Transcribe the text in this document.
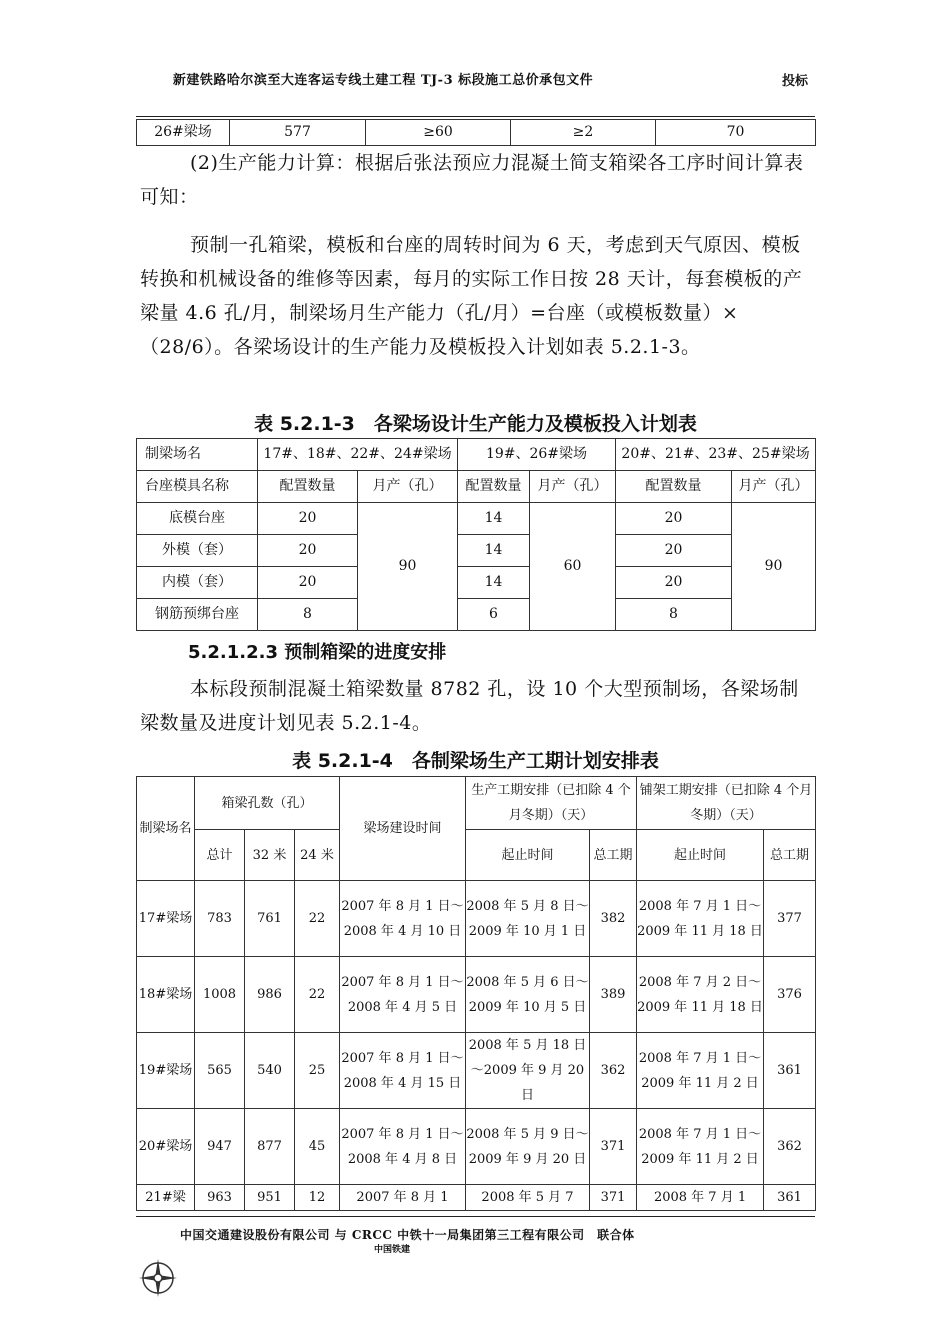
新建铁路哈尔滨至大连客运专线土建工程 TJ-3 标段施工总价承包文件	投标
26#梁场	577	≥60	≥2	70
(2)生产能力计算：根据后张法预应力混凝土简支箱梁各工序时间计算表可知：
预制一孔箱梁，模板和台座的周转时间为 6 天，考虑到天气原因、模板转换和机械设备的维修等因素，每月的实际工作日按 28 天计，每套模板的产梁量 4.6 孔/月，制梁场月生产能力（孔/月）=台座（或模板数量）×（28/6）。各梁场设计的生产能力及模板投入计划如表 5.2.1-3。
表 5.2.1-3　各梁场设计生产能力及模板投入计划表
制梁场名	17#、18#、22#、24#梁场		19#、26#梁场		20#、21#、23#、25#梁场	
台座模具名称	配置数量	月产（孔）	配置数量	月产（孔）	配置数量	月产（孔）
底模台座	20	90	14	60	20	90
外模（套）	20		14		20	
内模（套）	20		14		20	
钢筋预绑台座	8		6		8	
5.2.1.2.3 预制箱梁的进度安排
本标段预制混凝土箱梁数量 8782 孔，设 10 个大型预制场，各梁场制梁数量及进度计划见表 5.2.1-4。
表 5.2.1-4　各制梁场生产工期计划安排表
制梁场名	箱梁孔数（孔）			梁场建设时间	生产工期安排（已扣除 4 个月冬期）（天）		铺架工期安排（已扣除 4 个月冬期）（天）	
	总计	32 米	24 米		起止时间	总工期	起止时间	总工期
17#梁场	783	761	22	2007 年 8 月 1 日～2008 年 4 月 10 日	2008 年 5 月 8 日～2009 年 10 月 1 日	382	2008 年 7 月 1 日～2009 年 11 月 18 日	377
18#梁场	1008	986	22	2007 年 8 月 1 日～2008 年 4 月 5 日	2008 年 5 月 6 日～2009 年 10 月 5 日	389	2008 年 7 月 2 日～2009 年 11 月 18 日	376
19#梁场	565	540	25	2007 年 8 月 1 日～2008 年 4 月 15 日	2008 年 5 月 18 日～2009 年 9 月 20 日	362	2008 年 7 月 1 日～2009 年 11 月 2 日	361
20#梁场	947	877	45	2007 年 8 月 1 日～2008 年 4 月 8 日	2008 年 5 月 9 日～2009 年 9 月 20 日	371	2008 年 7 月 1 日～2009 年 11 月 2 日	362
21#梁	963	951	12	2007 年 8 月 1	2008 年 5 月 7	371	2008 年 7 月 1	361
中国交通建设股份有限公司 与 CRCC 中铁十一局集团第三工程有限公司　联合体
中国铁建
